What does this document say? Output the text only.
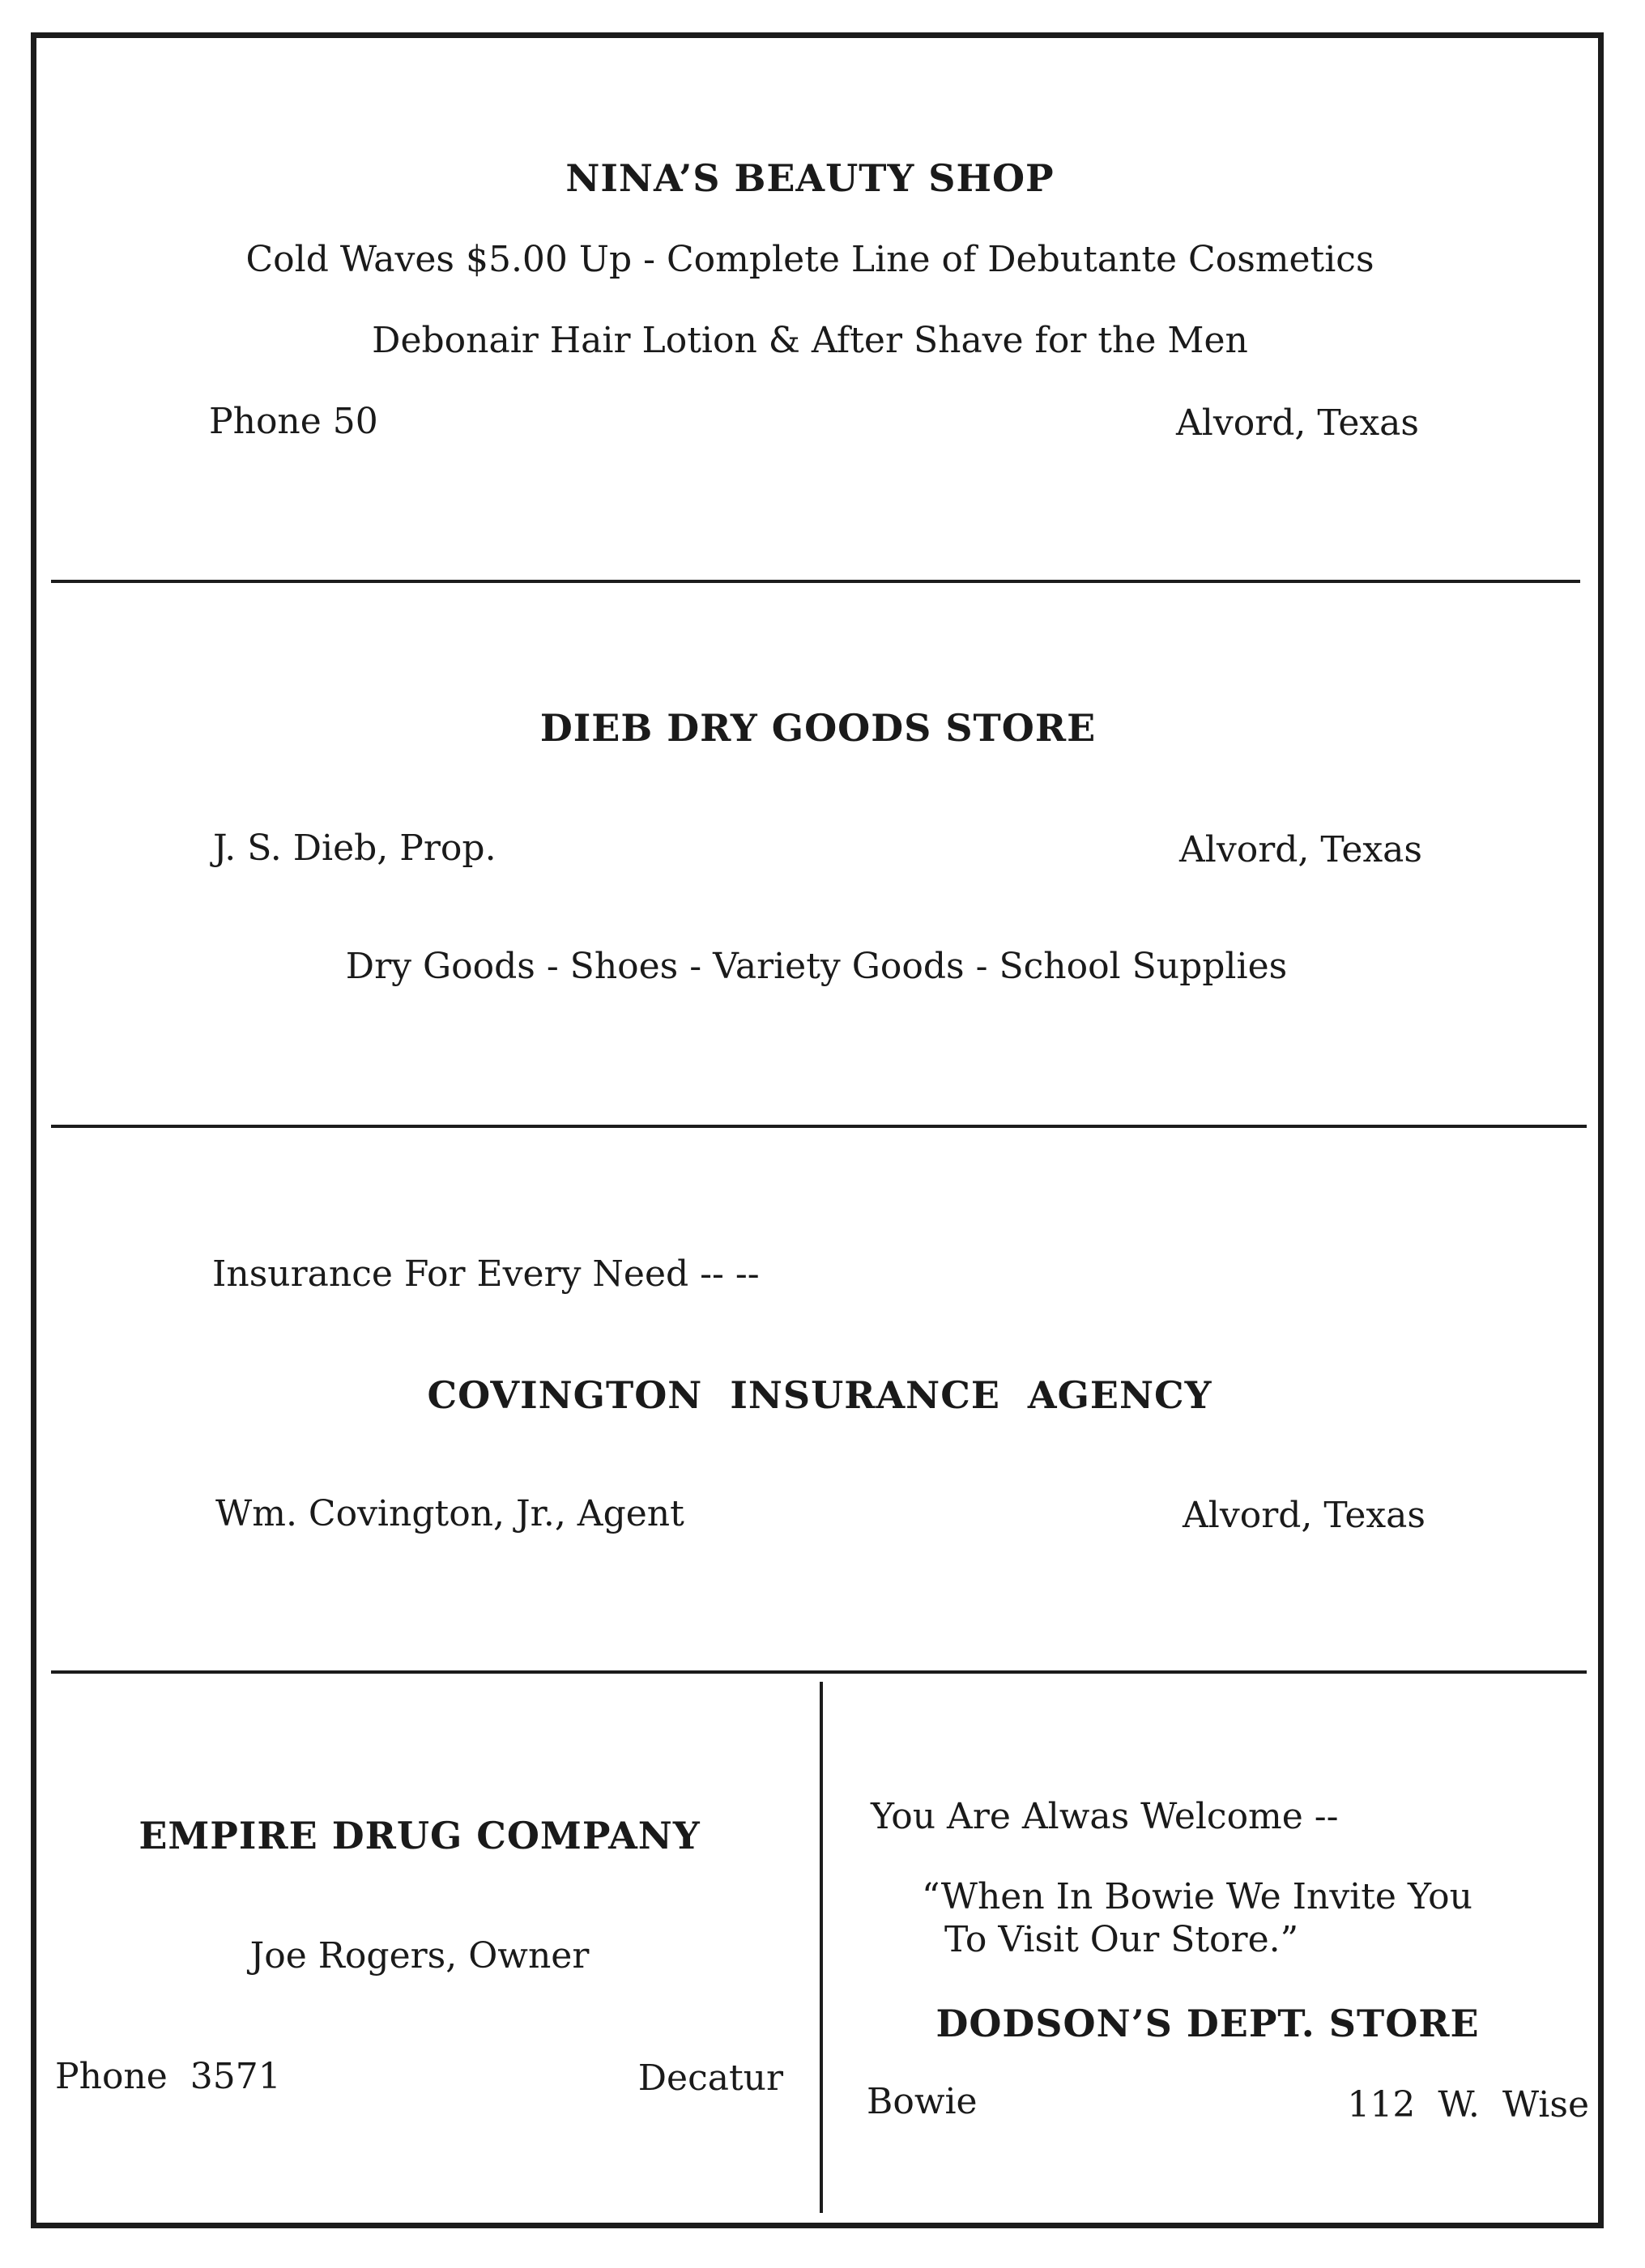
NINA’S BEAUTY SHOP
Cold Waves $5.00 Up - Complete Line of Debutante Cosmetics
Debonair Hair Lotion & After Shave for the Men
Phone 50	Alvord, Texas
DIEB DRY GOODS STORE
J. S. Dieb, Prop.	Alvord, Texas
Dry Goods - Shoes - Variety Goods - School Supplies
Insurance For Every Need -- --
COVINGTON  INSURANCE  AGENCY
Wm. Covington, Jr., Agent	Alvord, Texas
EMPIRE DRUG COMPANY
Joe Rogers, Owner
Phone  3571	Decatur
You Are Alwas Welcome --
“When In Bowie We Invite You
To Visit Our Store.”
DODSON’S DEPT. STORE
Bowie	112  W.  Wise
